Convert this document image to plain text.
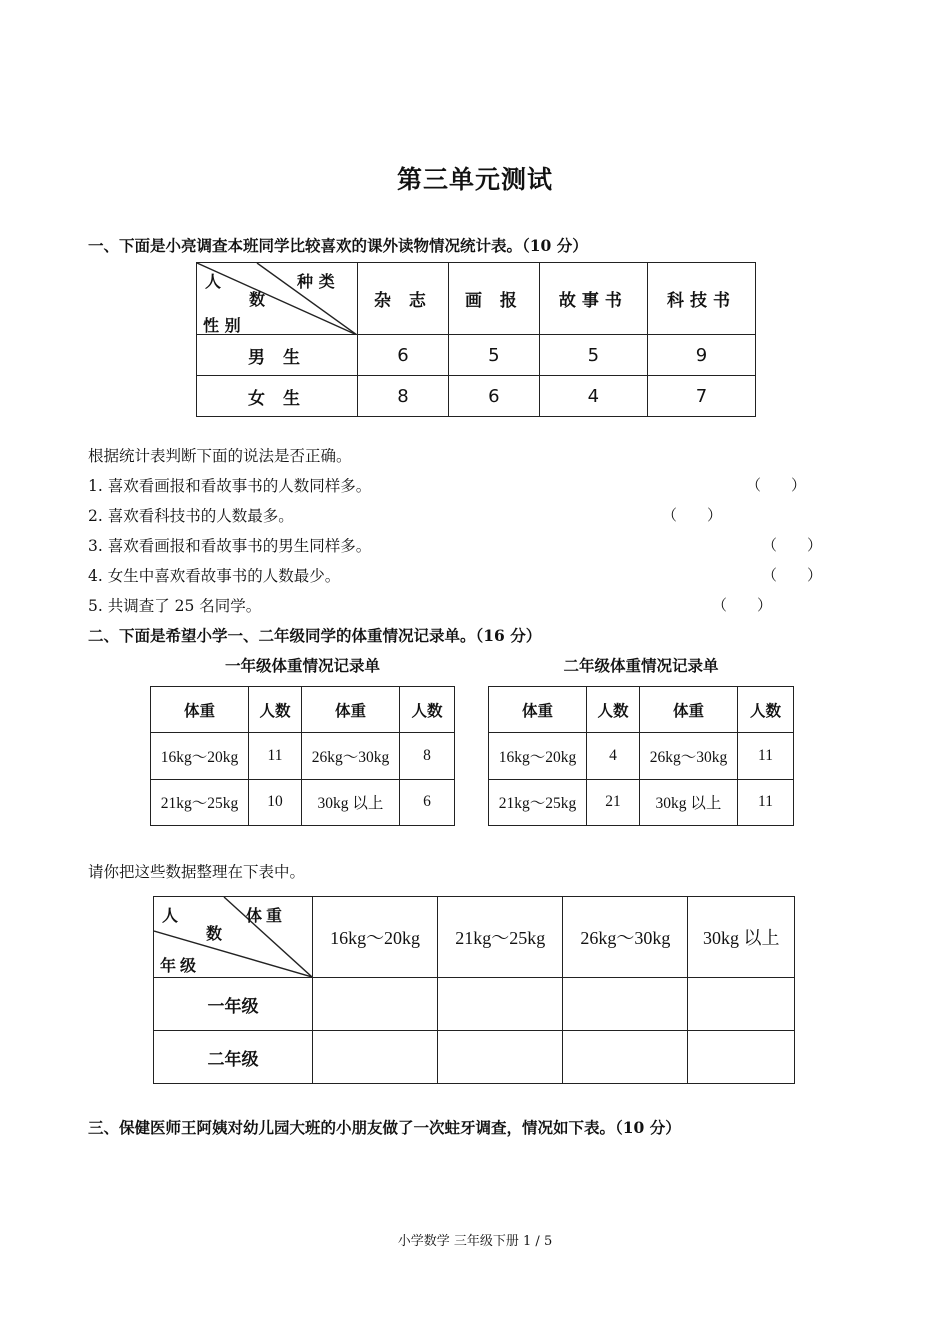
第三单元测试
一、下面是小亮调查本班同学比较喜欢的课外读物情况统计表。（10 分）
人 种 类
数
性 别	杂 志	画 报	故事书	科技书
男 生	6	5	5	9
女 生	8	6	4	7
根据统计表判断下面的说法是否正确。
1. 喜欢看画报和看故事书的人数同样多。	（　　）
2. 喜欢看科技书的人数最多。	（　　）
3. 喜欢看画报和看故事书的男生同样多。	（　　）
4. 女生中喜欢看故事书的人数最少。	（　　）
5. 共调查了 25 名同学。	（　　）
二、下面是希望小学一、二年级同学的体重情况记录单。（16 分）
一年级体重情况记录单
体重	人数	体重	人数
16kg～20kg	11	26kg～30kg	8
21kg～25kg	10	30kg 以上	6
二年级体重情况记录单
体重	人数	体重	人数
16kg～20kg	4	26kg～30kg	11
21kg～25kg	21	30kg 以上	11
请你把这些数据整理在下表中。
人 体 重
数
年 级	16kg～20kg	21kg～25kg	26kg～30kg	30kg 以上
一年级				
二年级				
三、保健医师王阿姨对幼儿园大班的小朋友做了一次蛀牙调查，情况如下表。（10 分）
小学数学 三年级下册 1 / 5
